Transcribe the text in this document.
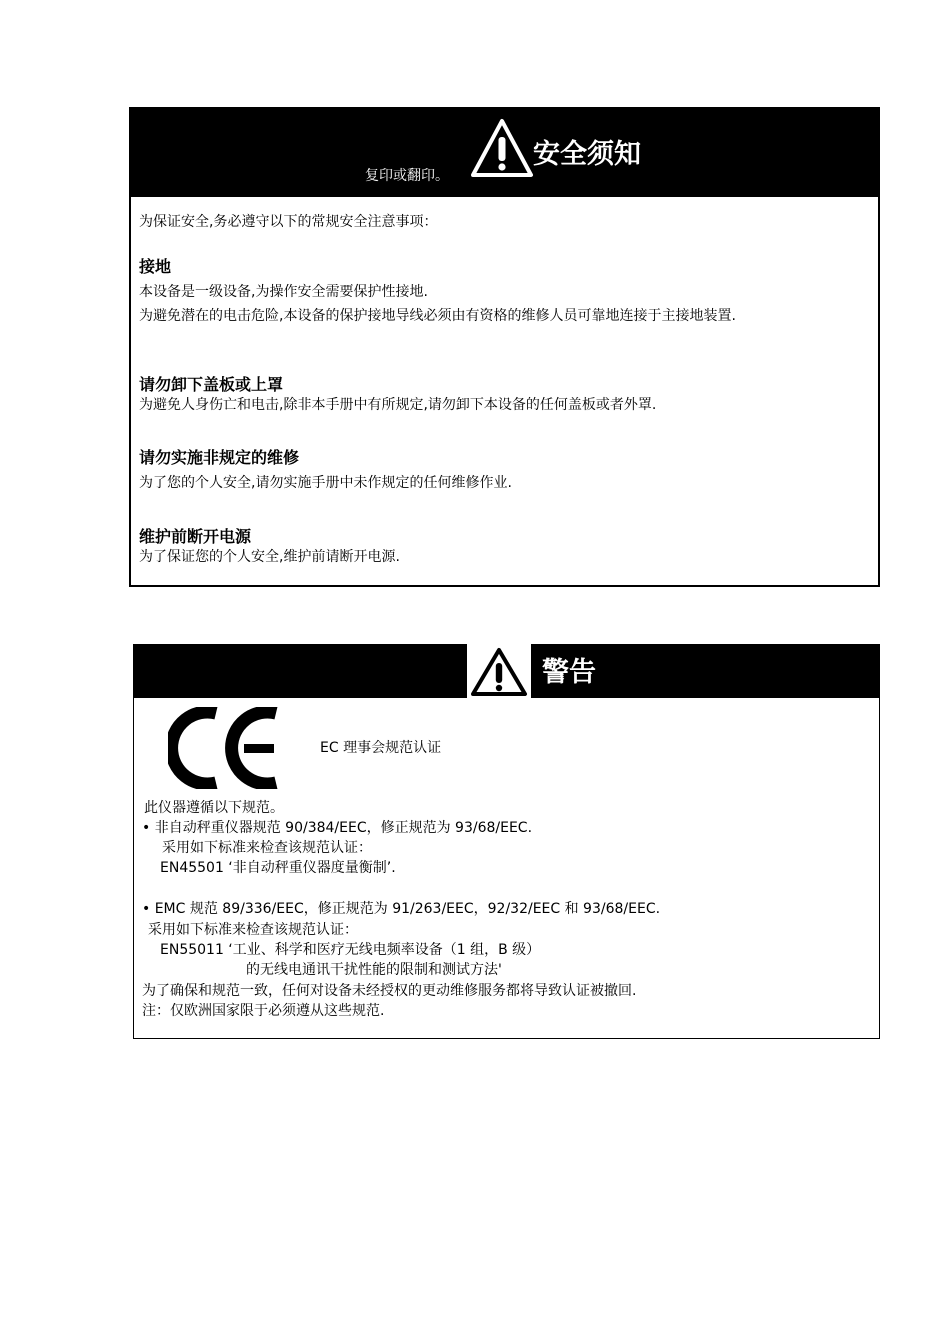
复印或翻印。
安全须知
为保证安全,务必遵守以下的常规安全注意事项：
接地
本设备是一级设备,为操作安全需要保护性接地.
为避免潜在的电击危险,本设备的保护接地导线必须由有资格的维修人员可靠地连接于主接地装置.
请勿卸下盖板或上罩
为避免人身伤亡和电击,除非本手册中有所规定,请勿卸下本设备的任何盖板或者外罩.
请勿实施非规定的维修
为了您的个人安全,请勿实施手册中未作规定的任何维修作业.
维护前断开电源
为了保证您的个人安全,维护前请断开电源.
警告
EC 理事会规范认证
此仪器遵循以下规范。
• 非自动秤重仪器规范 90/384/EEC，修正规范为 93/68/EEC.
采用如下标准来检查该规范认证：
EN45501 ‘非自动秤重仪器度量衡制’.
• EMC 规范 89/336/EEC，修正规范为 91/263/EEC，92/32/EEC 和 93/68/EEC.
采用如下标准来检查该规范认证：
EN55011 ‘工业、科学和医疗无线电频率设备（1 组，B 级）
的无线电通讯干扰性能的限制和测试方法'
为了确保和规范一致，任何对设备未经授权的更动维修服务都将导致认证被撤回.
注：仅欧洲国家限于必须遵从这些规范.
